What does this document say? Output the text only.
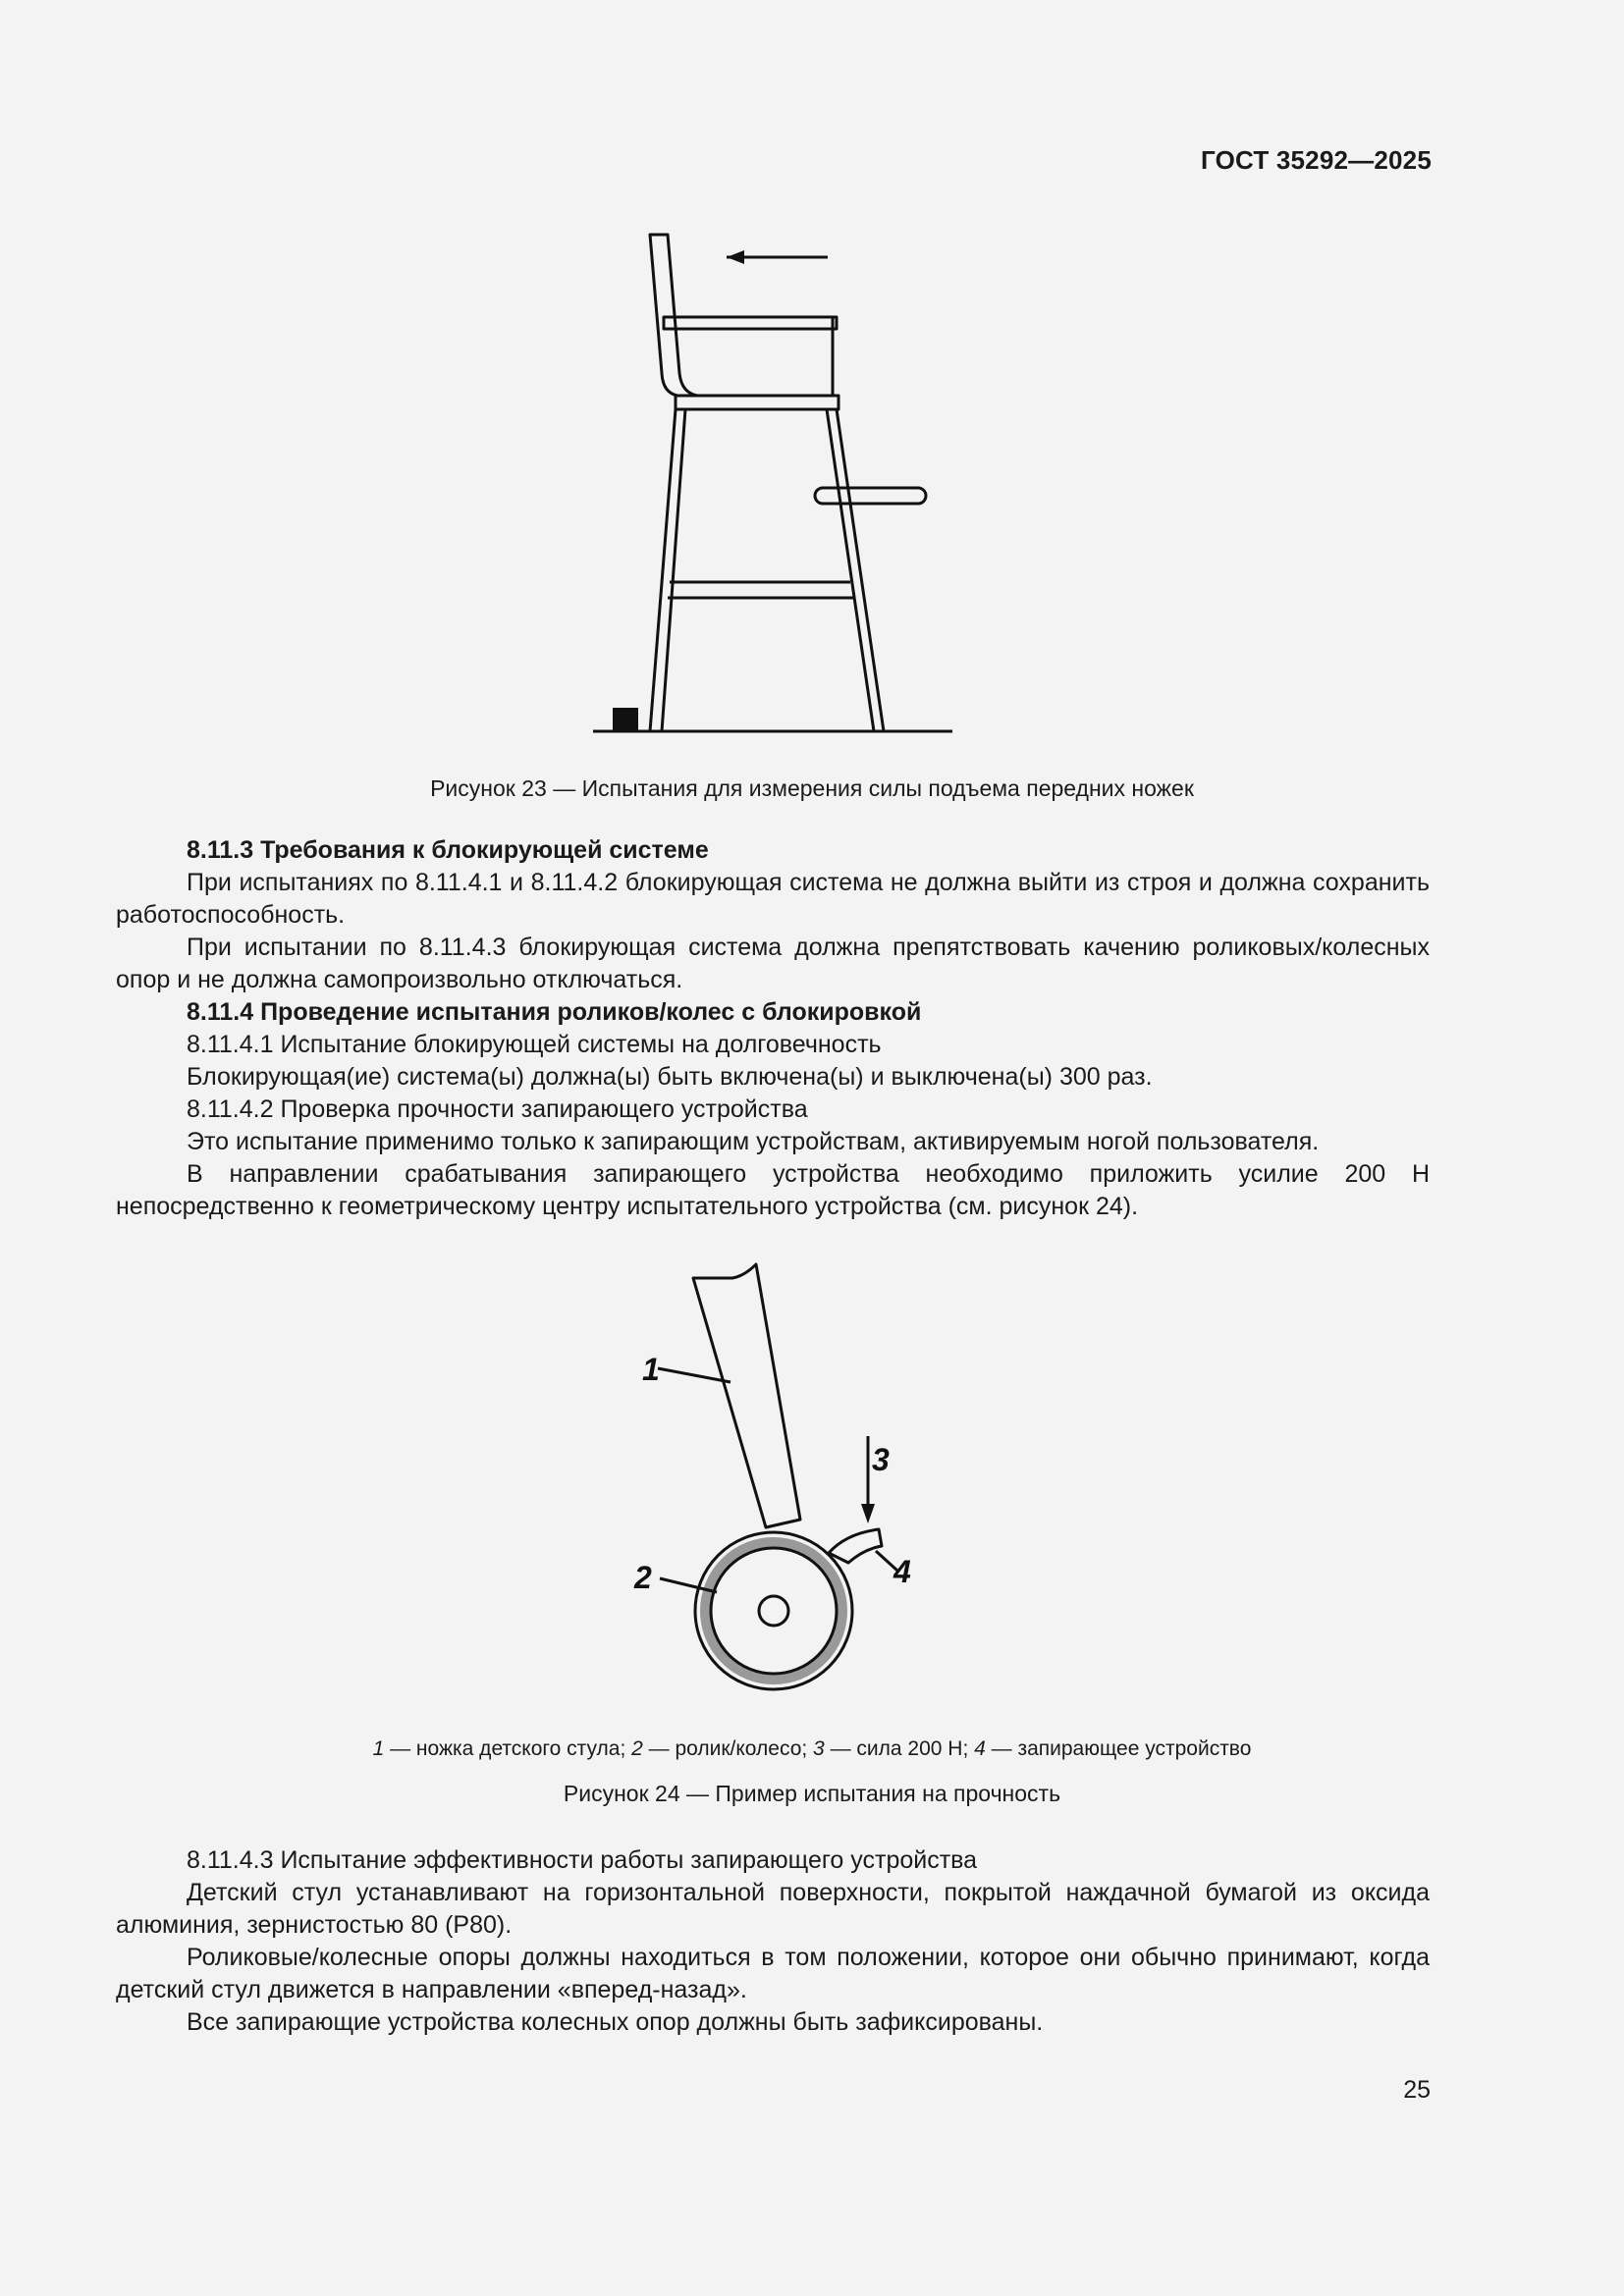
ГОСТ 35292—2025
Рисунок 23 — Испытания для измерения силы подъема передних ножек

8.11.3 Требования к блокирующей системе

При испытаниях по 8.11.4.1 и 8.11.4.2 блокирующая система не должна выйти из строя и должна сохранить работоспособность.

При испытании по 8.11.4.3 блокирующая система должна препятствовать качению роликовых/колесных опор и не должна самопроизвольно отключаться.

8.11.4 Проведение испытания роликов/колес с блокировкой

8.11.4.1 Испытание блокирующей системы на долговечность

Блокирующая(ие) система(ы) должна(ы) быть включена(ы) и выключена(ы) 300 раз.

8.11.4.2 Проверка прочности запирающего устройства

Это испытание применимо только к запирающим устройствам, активируемым ногой пользователя.

В направлении срабатывания запирающего устройства необходимо приложить усилие 200 Н непосредственно к геометрическому центру испытательного устройства (см. рисунок 24).

1
2
3
4
1 — ножка детского стула; 2 — ролик/колесо; 3 — сила 200 Н; 4 — запирающее устройство
Рисунок 24 — Пример испытания на прочность

8.11.4.3 Испытание эффективности работы запирающего устройства

Детский стул устанавливают на горизонтальной поверхности, покрытой наждачной бумагой из оксида алюминия, зернистостью 80 (Р80).

Роликовые/колесные опоры должны находиться в том положении, которое они обычно принимают, когда детский стул движется в направлении «вперед-назад».

Все запирающие устройства колесных опор должны быть зафиксированы.

25
